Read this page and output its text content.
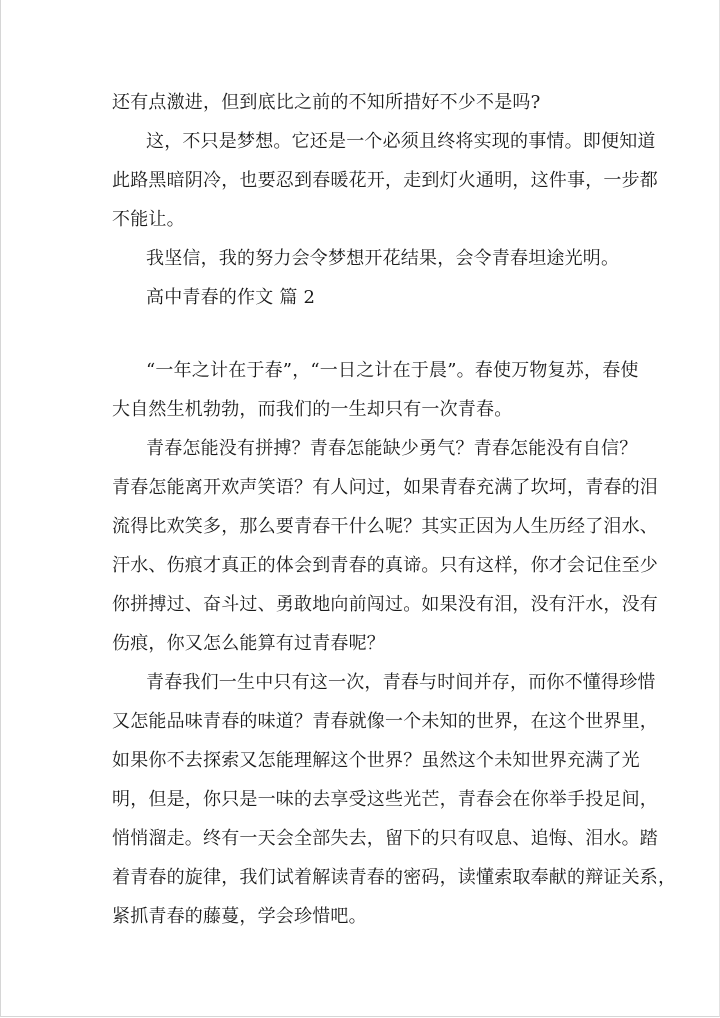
还有点激进，但到底比之前的不知所措好不少不是吗?

这，不只是梦想。它还是一个必须且终将实现的事情。即便知道

此路黑暗阴冷，也要忍到春暖花开，走到灯火通明，这件事，一步都

不能让。

我坚信，我的努力会令梦想开花结果，会令青春坦途光明。

高中青春的作文 篇 2

“一年之计在于春”，“一日之计在于晨”。春使万物复苏，春使

大自然生机勃勃，而我们的一生却只有一次青春。

青春怎能没有拼搏？青春怎能缺少勇气？青春怎能没有自信？

青春怎能离开欢声笑语？有人问过，如果青春充满了坎坷，青春的泪

流得比欢笑多，那么要青春干什么呢？其实正因为人生历经了泪水、

汗水、伤痕才真正的体会到青春的真谛。只有这样，你才会记住至少

你拼搏过、奋斗过、勇敢地向前闯过。如果没有泪，没有汗水，没有

伤痕，你又怎么能算有过青春呢？

青春我们一生中只有这一次，青春与时间并存，而你不懂得珍惜

又怎能品味青春的味道？青春就像一个未知的世界，在这个世界里，

如果你不去探索又怎能理解这个世界？虽然这个未知世界充满了光

明，但是，你只是一味的去享受这些光芒，青春会在你举手投足间，

悄悄溜走。终有一天会全部失去，留下的只有叹息、追悔、泪水。踏

着青春的旋律，我们试着解读青春的密码，读懂索取奉献的辩证关系，

紧抓青春的藤蔓，学会珍惜吧。
